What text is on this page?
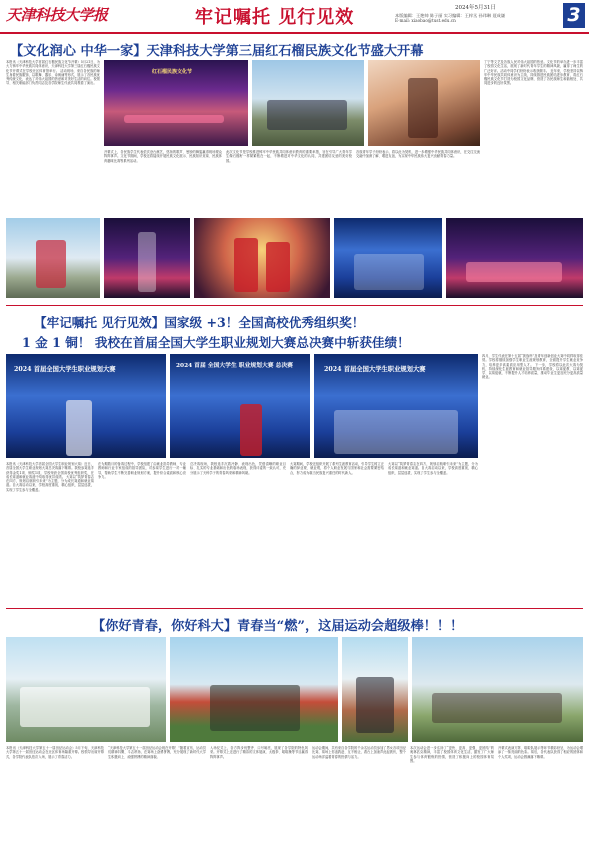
天津科技大学报	牢记嘱托 见行见效	2024年5月31日
本版编辑：王艳帅 陈子丽 实习编辑：王梓丞 孙玮琳 聂成谦
E-mail: xiaobao@tust.edu.cn	3
【文化润心 中华一家】天津科技大学第三届红石榴民族文化节盛大开幕
本报讯（天津科技大学首届红石榴民族文化节开幕）5月21日，为大力铸牢中华民族共同体意识，天津科技大学第三届红石榴民族文化节开幕式在学校北区体育馆举行。 活动现场，来自各民族的师生身着民族服饰，以歌舞、器乐、诗朗诵等形式，展示了各民族优秀传统文化，表达了对伟大祖国的热爱和对美好生活的向往。校领导、相关职能部门负责同志及各学院师生代表共同观看了演出。
红石榴民族文化节
丁宁等文艺及各族人民对伟大祖国的热爱。文化节的举办进一步丰富了校园文化生活，展现了新时代青年学生的精神风貌，赢得了师生的广泛好评。活动中同学们纷纷表示收获颇丰。 近年来，学校坚持以铸牢中华民族共同体意识为主线，持续推进民族团结进步教育，将红石榴民族文化节打造为校园文化品牌，营造了各民族师生和谐相处、共同进步的良好氛围。
开幕式上，各民族学生代表依次登台献艺，悠扬的歌声、曼妙的舞姿赢得现场观众阵阵掌声。文化节期间，学校还将陆续开展民族文化展示、民族知识竞赛、民族体育趣味比赛等系列活动。
此次文化节是学校推进铸牢中华民族共同体意识教育的重要举措，旨在引导广大青年学生像石榴籽一样紧紧抱在一起，不断增进对中华文化的认同，共建团结友爱的美好校园。
各族青年学子纷纷表示，将以此为契机，进一步增强中华民族共同体意识，在交往交流交融中加深了解、增进友谊，为实现中华民族伟大复兴贡献青春力量。
【牢记嘱托 见行见效】国家级 +3！全国高校优秀组织奖！
1 金 1 铜！ 我校在首届全国大学生职业规划大赛总决赛中斩获佳绩！
2024 首届全国大学生职业规划大赛	2024 首届 全国大学生 职业规划大赛 总决赛	2024 首届全国大学生职业规划大赛
四月，学生代表在第十五届“挑战杯”及青年创新创业大赛中同样取得佳绩。学校将继续加强学生职业生涯规划教育，全面提升学生就业竞争力，培养更多高素质应用型人才。 下一步，学校将以此次大赛为契机，持续深化生涯教育和就业指导服务体系建设，以赛促教、以赛促学、以赛促就，不断提升人才培养质量，推动毕业生更加充分更高质量就业。
本报讯（天津科技大学首届全国大学生职业规划大赛）近日，首届全国大学生职业规划大赛总决赛落下帷幕。我校参赛选手获得金奖1项、铜奖1项，学校荣获全国高校优秀组织奖，在成长赛道和就业赛道中均取得优异成绩。 大赛以“筑梦青春志在四方，规划启航职引未来”为主题，分为成长赛道和就业赛道。自大赛启动以来，学校高度重视，精心组织，层层选拔，实现了学生参与全覆盖。
在为期数月的备赛过程中，学校组建了由就业指导教师、专业教师和行业专家组成的指导团队，对参赛学生进行一对一辅导，帮助学生不断完善职业规划方案，提升综合素质和核心竞争力。
总决赛现场，我校选手沉着冷静、表现出色，凭借清晰的职业目标、扎实的专业基础和出色的临场表现，获得评委的一致认可，充分展示了天科学子的青春风采和精神风貌。
大赛期间，学校还组织开展了系列生涯教育活动，引导学生树立正确的择业观、就业观，将个人职业发展与国家和社会需要紧密结合，努力成为堪当民族复兴重任的时代新人。
大赛以“筑梦青春志在四方，规划启航职引未来”为主题，分为成长赛道和就业赛道。自大赛启动以来，学校高度重视，精心组织，层层选拔，实现了学生参与全覆盖。
【你好青春，你好科大】青春当“燃”，这届运动会超级棒！！！
本报讯（天津科技大学第五十一届田径运动会）5月下旬，天津科技大学第五十一届田径运动会在北区体育场隆重开幕。校领导出席开幕式，各学院代表队依次入场，展示了青春活力。
“天津科技大学第五十一届田径运动会现在开幕！”随着宣布，运动员们精神抖擞、斗志昂扬，在赛场上奋勇拼搏，充分展现了新时代大学生积极向上、顽强拼搏的精神面貌。
入场仪式上，各方阵步伐整齐、口号响亮，展现了各学院的特色风采。开幕式上还进行了精彩的文体展演，太极拳、啦啦操等节目赢得阵阵掌声。
运动会期间，共有来自各学院的千余名运动员参加了男女各项田径比赛，赛场上你追我赶、互不相让，看台上加油声此起彼伏，整个运动场洋溢着青春的热情与活力。
本次运动会进一步弘扬了“更快、更高、更强、更团结”的奥林匹克精神，丰富了校园体育文化生活，激发了广大师生参与体育锻炼的热情，营造了积极向上的校园体育氛围。
开幕式表演方阵、啦啦队展示等环节精彩纷呈，为运动会增添了一抹亮丽的色彩。赛后，各代表队获得了相应的团体和个人奖项，运动会圆满落下帷幕。
